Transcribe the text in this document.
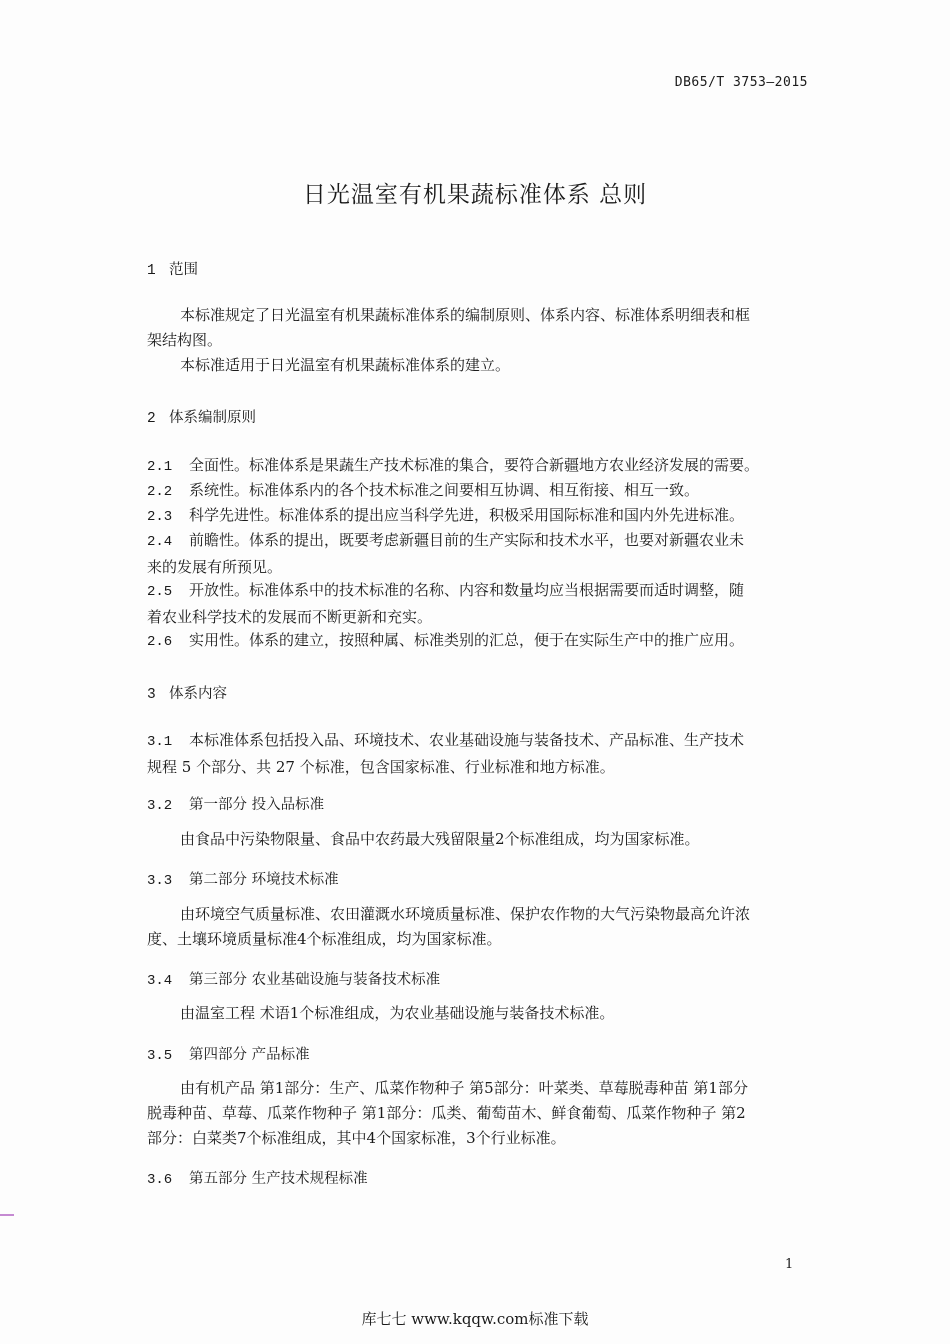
DB65/T 3753—2015
日光温室有机果蔬标准体系 总则
1 范围
本标准规定了日光温室有机果蔬标准体系的编制原则、体系内容、标准体系明细表和框
架结构图。
本标准适用于日光温室有机果蔬标准体系的建立。
2 体系编制原则
2.1 全面性。标准体系是果蔬生产技术标准的集合，要符合新疆地方农业经济发展的需要。
2.2 系统性。标准体系内的各个技术标准之间要相互协调、相互衔接、相互一致。
2.3 科学先进性。标准体系的提出应当科学先进，积极采用国际标准和国内外先进标准。
2.4 前瞻性。体系的提出，既要考虑新疆目前的生产实际和技术水平，也要对新疆农业未
来的发展有所预见。
2.5 开放性。标准体系中的技术标准的名称、内容和数量均应当根据需要而适时调整，随
着农业科学技术的发展而不断更新和充实。
2.6 实用性。体系的建立，按照种属、标准类别的汇总，便于在实际生产中的推广应用。
3 体系内容
3.1 本标准体系包括投入品、环境技术、农业基础设施与装备技术、产品标准、生产技术
规程 5 个部分、共 27 个标准，包含国家标准、行业标准和地方标准。
3.2 第一部分 投入品标准
由食品中污染物限量、食品中农药最大残留限量2个标准组成，均为国家标准。
3.3 第二部分 环境技术标准
由环境空气质量标准、农田灌溉水环境质量标准、保护农作物的大气污染物最高允许浓
度、土壤环境质量标准4个标准组成，均为国家标准。
3.4 第三部分 农业基础设施与装备技术标准
由温室工程 术语1个标准组成，为农业基础设施与装备技术标准。
3.5 第四部分 产品标准
由有机产品 第1部分：生产、瓜菜作物种子 第5部分：叶菜类、草莓脱毒种苗 第1部分
脱毒种苗、草莓、瓜菜作物种子 第1部分：瓜类、葡萄苗木、鲜食葡萄、瓜菜作物种子 第2
部分：白菜类7个标准组成，其中4个国家标准，3个行业标准。
3.6 第五部分 生产技术规程标准
1
库七七 www.kqqw.com标准下载
